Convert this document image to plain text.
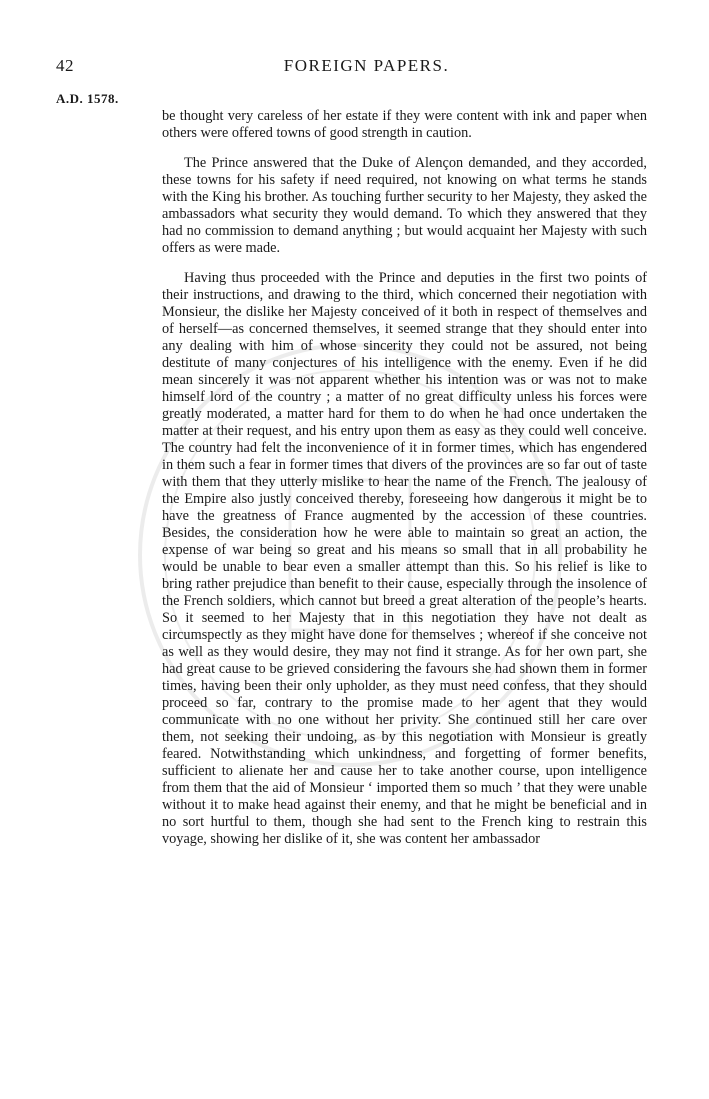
42	FOREIGN PAPERS.
A.D. 1578.

be thought very careless of her estate if they were content with ink and paper when others were offered towns of good strength in caution.

The Prince answered that the Duke of Alençon demanded, and they accorded, these towns for his safety if need required, not knowing on what terms he stands with the King his brother. As touching further security to her Majesty, they asked the ambassadors what security they would demand. To which they answered that they had no commission to demand anything ; but would acquaint her Majesty with such offers as were made.

Having thus proceeded with the Prince and deputies in the first two points of their instructions, and drawing to the third, which concerned their negotiation with Monsieur, the dislike her Majesty conceived of it both in respect of themselves and of herself—as concerned themselves, it seemed strange that they should enter into any dealing with him of whose sincerity they could not be assured, not being destitute of many conjectures of his intelligence with the enemy. Even if he did mean sincerely it was not apparent whether his intention was or was not to make himself lord of the country ; a matter of no great difficulty unless his forces were greatly moderated, a matter hard for them to do when he had once undertaken the matter at their request, and his entry upon them as easy as they could well conceive. The country had felt the inconvenience of it in former times, which has engendered in them such a fear in former times that divers of the provinces are so far out of taste with them that they utterly mislike to hear the name of the French. The jealousy of the Empire also justly conceived thereby, foreseeing how dangerous it might be to have the greatness of France augmented by the accession of these countries. Besides, the consideration how he were able to maintain so great an action, the expense of war being so great and his means so small that in all probability he would be unable to bear even a smaller attempt than this. So his relief is like to bring rather prejudice than benefit to their cause, especially through the insolence of the French soldiers, which cannot but breed a great alteration of the people’s hearts. So it seemed to her Majesty that in this negotiation they have not dealt as circumspectly as they might have done for themselves ; whereof if she conceive not as well as they would desire, they may not find it strange. As for her own part, she had great cause to be grieved considering the favours she had shown them in former times, having been their only upholder, as they must need confess, that they should proceed so far, contrary to the promise made to her agent that they would communicate with no one without her privity. She continued still her care over them, not seeking their undoing, as by this negotiation with Monsieur is greatly feared. Notwithstanding which unkindness, and forgetting of former benefits, sufficient to alienate her and cause her to take another course, upon intelligence from them that the aid of Monsieur ‘ imported them so much ’ that they were unable without it to make head against their enemy, and that he might be beneficial and in no sort hurtful to them, though she had sent to the French king to restrain this voyage, showing her dislike of it, she was content her ambassador
